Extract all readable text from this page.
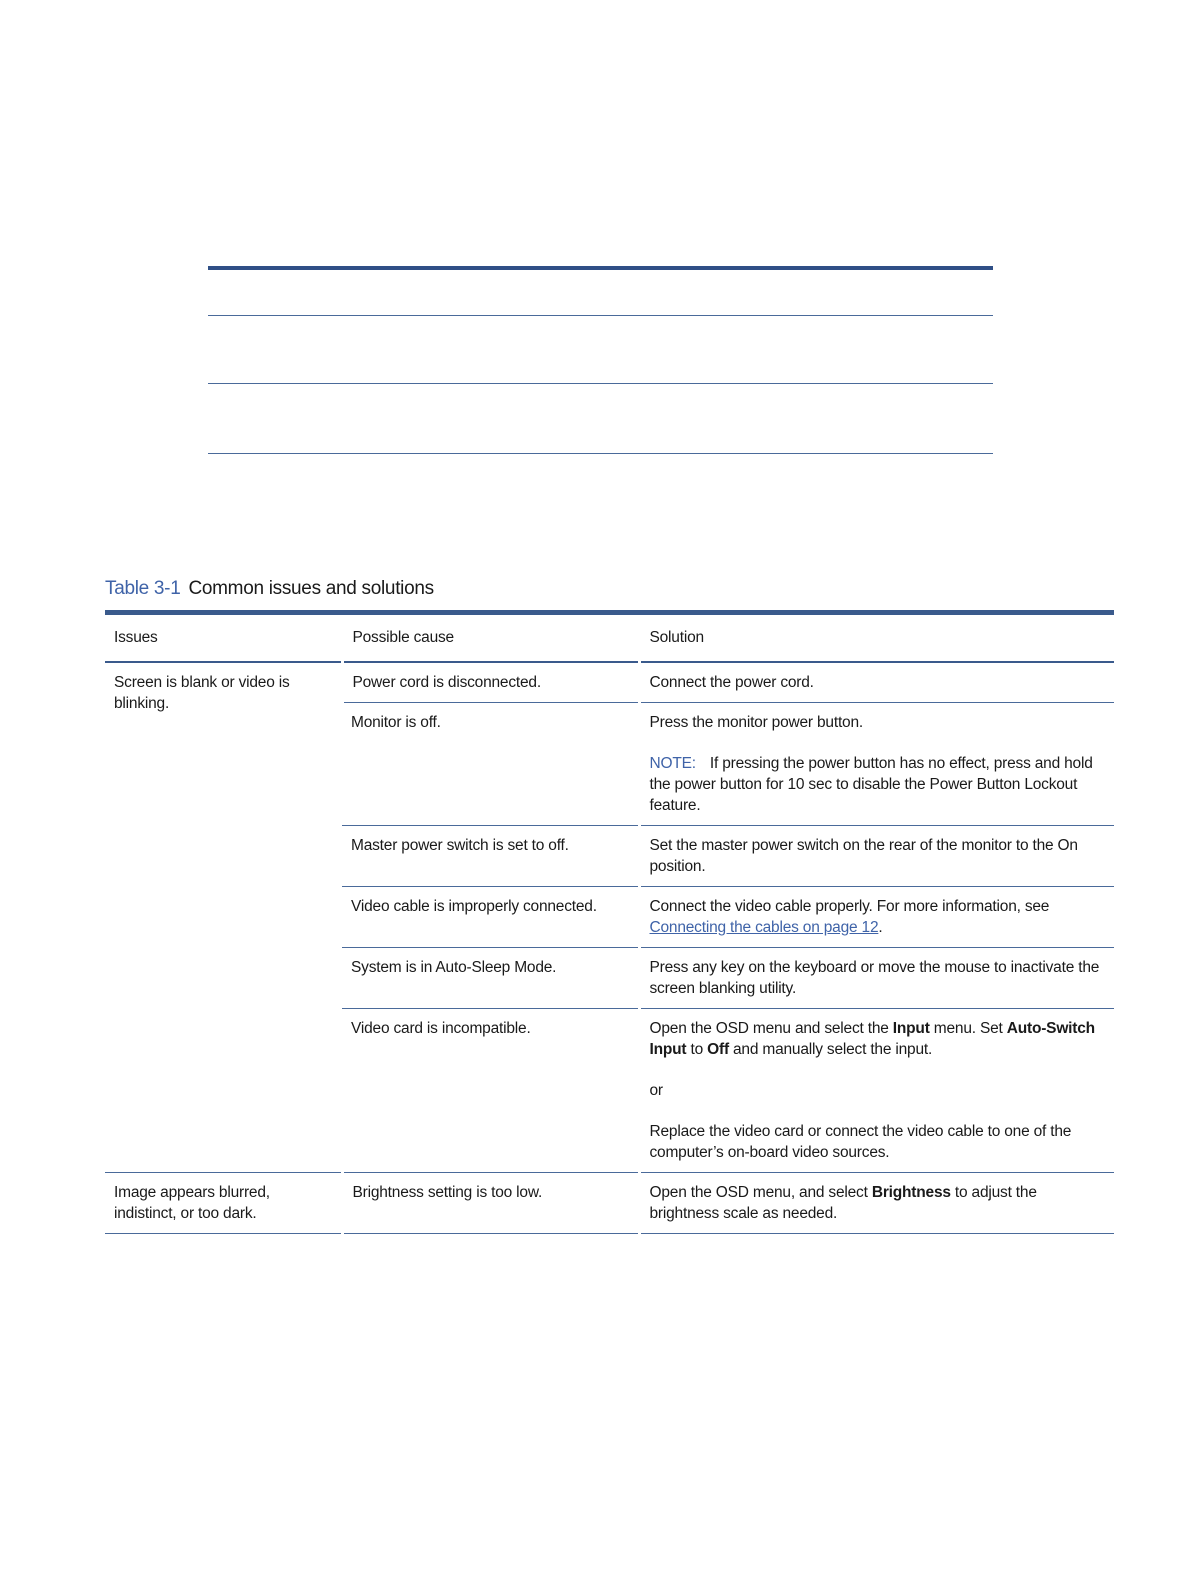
Table 3-1 Common issues and solutions
Issues	Possible cause	Solution
Screen is blank or video is blinking.	Power cord is disconnected.	Connect the power cord.

	Monitor is off.	Press the monitor power button.

NOTE: If pressing the power button has no effect, press and hold the power button for 10 sec to disable the Power Button Lockout feature.

	Master power switch is set to off.	Set the master power switch on the rear of the monitor to the On position.

	Video cable is improperly connected.	Connect the video cable properly. For more information, see Connecting the cables on page 12.

	System is in Auto-Sleep Mode.	Press any key on the keyboard or move the mouse to inactivate the screen blanking utility.

	Video card is incompatible.	Open the OSD menu and select the Input menu. Set Auto-Switch Input to Off and manually select the input.

or

Replace the video card or connect the video cable to one of the computer’s on-board video sources.

Image appears blurred, indistinct, or too dark.	Brightness setting is too low.	Open the OSD menu, and select Brightness to adjust the brightness scale as needed.
